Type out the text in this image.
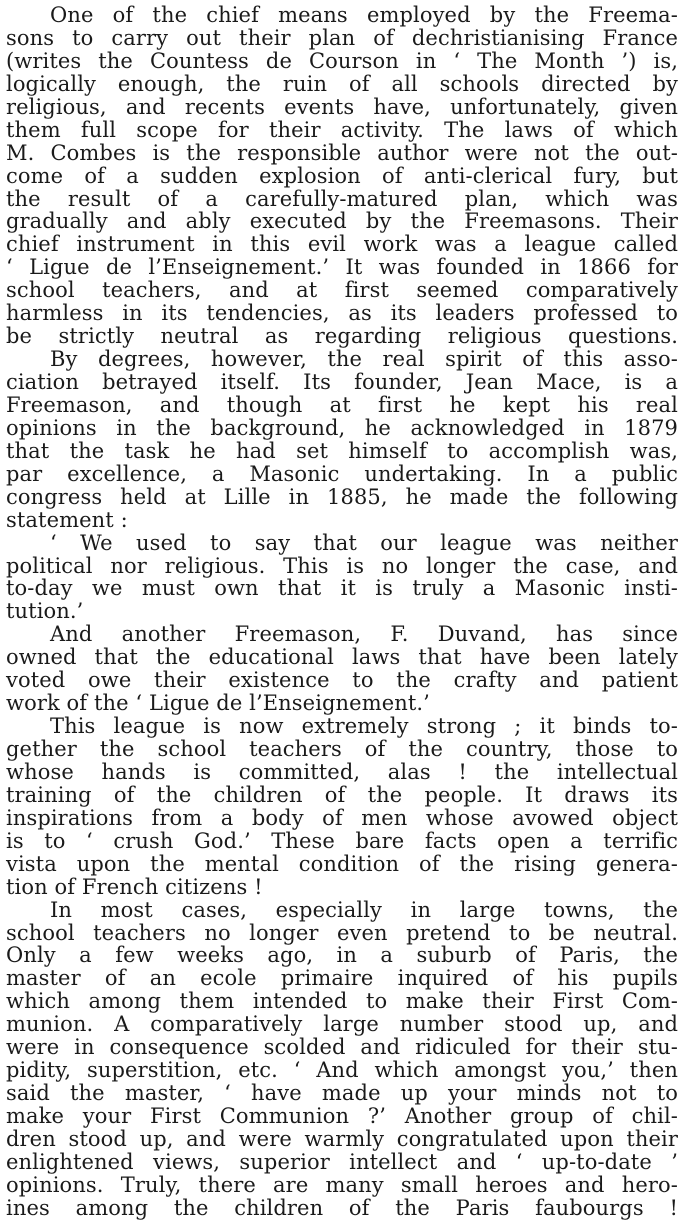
One of the chief means employed by the Freema-
sons to carry out their plan of dechristianising France
(writes the Countess de Courson in ‘ The Month ’) is,
logically enough, the ruin of all schools directed by
religious, and recents events have, unfortunately, given
them full scope for their activity. The laws of which
M. Combes is the responsible author were not the out-
come of a sudden explosion of anti-clerical fury, but
the result of a carefully-matured plan, which was
gradually and ably executed by the Freemasons. Their
chief instrument in this evil work was a league called
‘ Ligue de l’Enseignement.’ It was founded in 1866 for
school teachers, and at first seemed comparatively
harmless in its tendencies, as its leaders professed to
be strictly neutral as regarding religious questions.
By degrees, however, the real spirit of this asso-
ciation betrayed itself. Its founder, Jean Mace, is a
Freemason, and though at first he kept his real
opinions in the background, he acknowledged in 1879
that the task he had set himself to accomplish was,
par excellence, a Masonic undertaking. In a public
congress held at Lille in 1885, he made the following
statement :
‘ We used to say that our league was neither
political nor religious. This is no longer the case, and
to-day we must own that it is truly a Masonic insti-
tution.’
And another Freemason, F. Duvand, has since
owned that the educational laws that have been lately
voted owe their existence to the crafty and patient
work of the ‘ Ligue de l’Enseignement.’
This league is now extremely strong ; it binds to-
gether the school teachers of the country, those to
whose hands is committed, alas ! the intellectual
training of the children of the people. It draws its
inspirations from a body of men whose avowed object
is to ‘ crush God.’ These bare facts open a terrific
vista upon the mental condition of the rising genera-
tion of French citizens !
In most cases, especially in large towns, the
school teachers no longer even pretend to be neutral.
Only a few weeks ago, in a suburb of Paris, the
master of an ecole primaire inquired of his pupils
which among them intended to make their First Com-
munion. A comparatively large number stood up, and
were in consequence scolded and ridiculed for their stu-
pidity, superstition, etc. ‘ And which amongst you,’ then
said the master, ‘ have made up your minds not to
make your First Communion ?’ Another group of chil-
dren stood up, and were warmly congratulated upon their
enlightened views, superior intellect and ‘ up-to-date ’
opinions. Truly, there are many small heroes and hero-
ines among the children of the Paris faubourgs !
